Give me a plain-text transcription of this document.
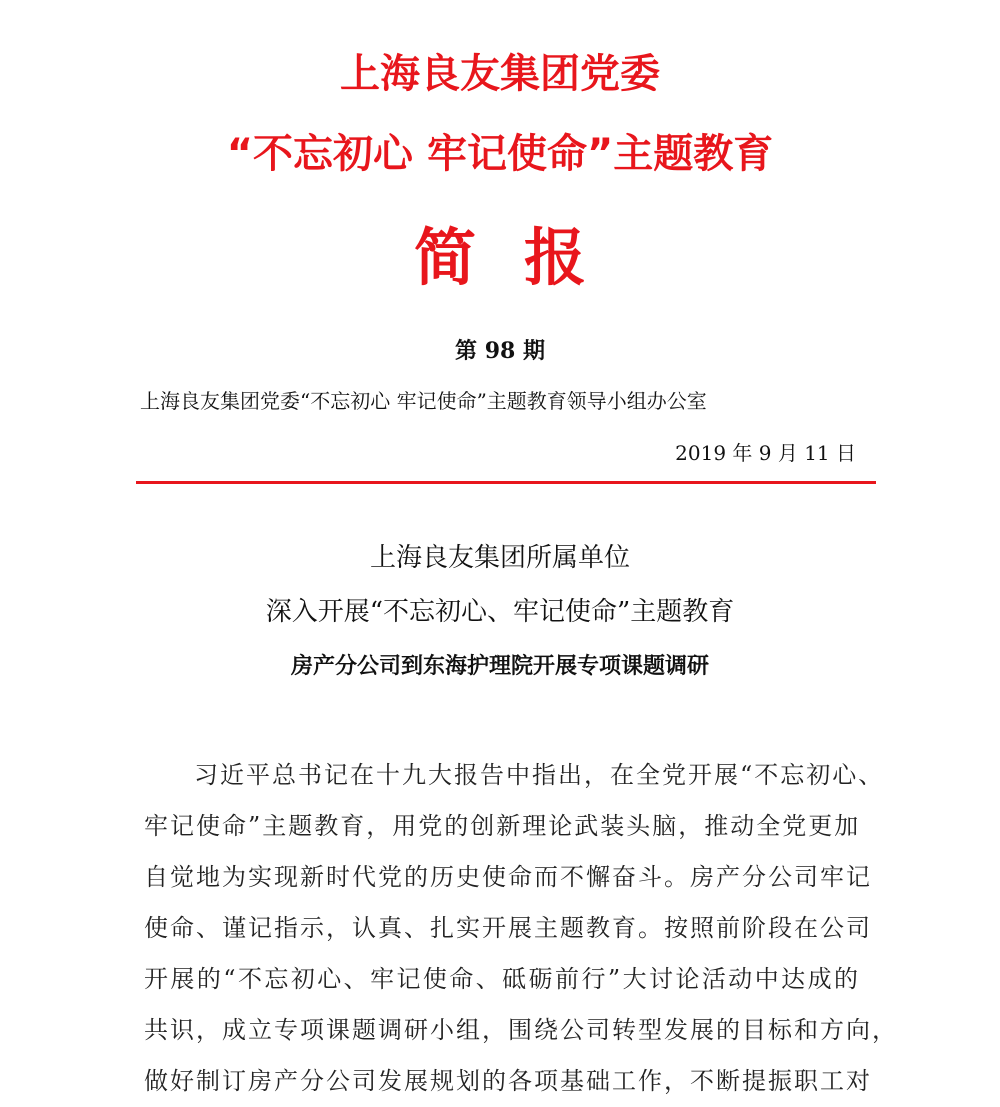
上海良友集团党委
“不忘初心 牢记使命”主题教育
简报
第 98 期
上海良友集团党委“不忘初心 牢记使命”主题教育领导小组办公室
2019 年 9 月 11 日
上海良友集团所属单位
深入开展“不忘初心、牢记使命”主题教育
房产分公司到东海护理院开展专项课题调研
习近平总书记在十九大报告中指出，在全党开展“不忘初心、
牢记使命”主题教育，用党的创新理论武装头脑，推动全党更加
自觉地为实现新时代党的历史使命而不懈奋斗。房产分公司牢记
使命、谨记指示，认真、扎实开展主题教育。按照前阶段在公司
开展的“不忘初心、牢记使命、砥砺前行”大讨论活动中达成的
共识，成立专项课题调研小组，围绕公司转型发展的目标和方向，
做好制订房产分公司发展规划的各项基础工作，不断提振职工对
